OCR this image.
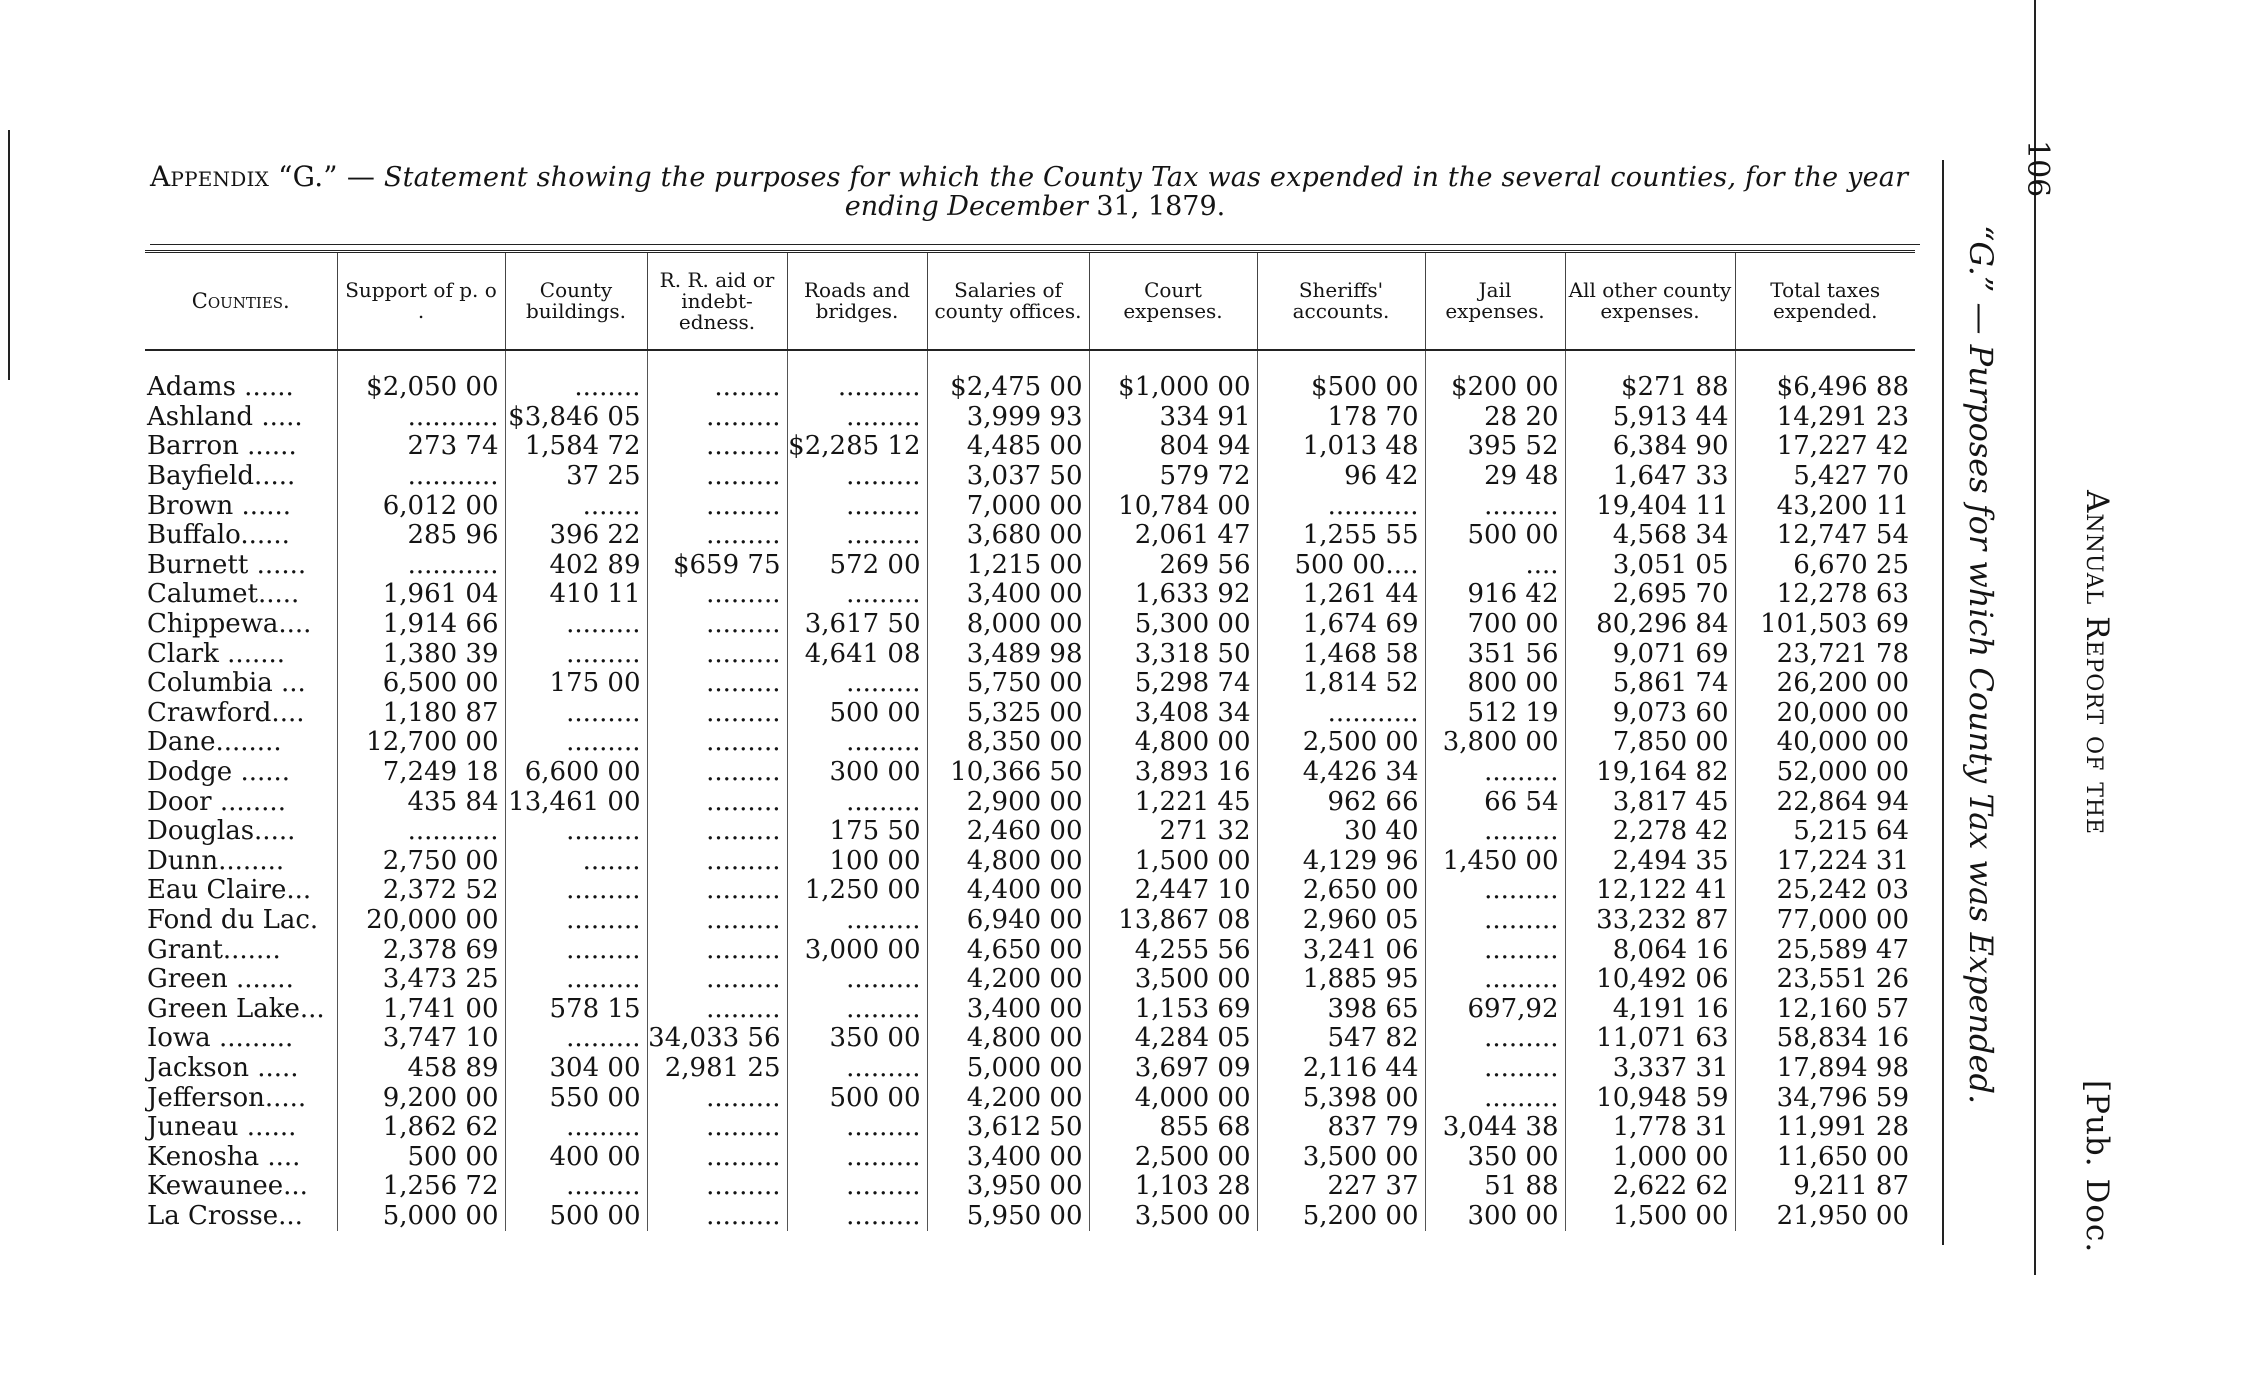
106
Annual Report of the
[Pub. Doc.
“G.” — Purposes for which County Tax was Expended.
Appendix “G.” — Statement showing the purposes for which the County Tax was expended in the several counties, for the year
ending December 31, 1879.
Counties.	Support of p. o .	County buildings.	R. R. aid or indebt-edness.	Roads and bridges.	Salaries of county offices.	Court expenses.	Sheriffs' accounts.	Jail expenses.	All other county expenses.	Total taxes expended.

Adams ......	$2,050 00	........	........	..........	$2,475 00	$1,000 00	$500 00	$200 00	$271 88	$6,496 88
Ashland .....	...........	$3,846 05	.........	.........	3,999 93	334 91	178 70	28 20	5,913 44	14,291 23
Barron ......	273 74	1,584 72	.........	$2,285 12	4,485 00	804 94	1,013 48	395 52	6,384 90	17,227 42
Bayfield.....	...........	37 25	.........	.........	3,037 50	579 72	96 42	29 48	1,647 33	5,427 70
Brown ......	6,012 00	.......	.........	.........	7,000 00	10,784 00	...........	.........	19,404 11	43,200 11
Buffalo......	285 96	396 22	.........	.........	3,680 00	2,061 47	1,255 55	500 00	4,568 34	12,747 54
Burnett ......	...........	402 89	$659 75	572 00	1,215 00	269 56	500 00....	....	3,051 05	6,670 25
Calumet.....	1,961 04	410 11	.........	.........	3,400 00	1,633 92	1,261 44	916 42	2,695 70	12,278 63
Chippewa....	1,914 66	.........	.........	3,617 50	8,000 00	5,300 00	1,674 69	700 00	80,296 84	101,503 69
Clark .......	1,380 39	.........	.........	4,641 08	3,489 98	3,318 50	1,468 58	351 56	9,071 69	23,721 78
Columbia ...	6,500 00	175 00	.........	.........	5,750 00	5,298 74	1,814 52	800 00	5,861 74	26,200 00
Crawford....	1,180 87	.........	.........	500 00	5,325 00	3,408 34	...........	512 19	9,073 60	20,000 00
Dane........	12,700 00	.........	.........	.........	8,350 00	4,800 00	2,500 00	3,800 00	7,850 00	40,000 00
Dodge ......	7,249 18	6,600 00	.........	300 00	10,366 50	3,893 16	4,426 34	.........	19,164 82	52,000 00
Door ........	435 84	13,461 00	.........	.........	2,900 00	1,221 45	962 66	66 54	3,817 45	22,864 94
Douglas.....	...........	.........	.........	175 50	2,460 00	271 32	30 40	.........	2,278 42	5,215 64
Dunn........	2,750 00	.......	.........	100 00	4,800 00	1,500 00	4,129 96	1,450 00	2,494 35	17,224 31
Eau Claire...	2,372 52	.........	.........	1,250 00	4,400 00	2,447 10	2,650 00	.........	12,122 41	25,242 03
Fond du Lac.	20,000 00	.........	.........	.........	6,940 00	13,867 08	2,960 05	.........	33,232 87	77,000 00
Grant.......	2,378 69	.........	.........	3,000 00	4,650 00	4,255 56	3,241 06	.........	8,064 16	25,589 47
Green .......	3,473 25	.........	.........	.........	4,200 00	3,500 00	1,885 95	.........	10,492 06	23,551 26
Green Lake...	1,741 00	578 15	.........	.........	3,400 00	1,153 69	398 65	697,92	4,191 16	12,160 57
Iowa .........	3,747 10	.........	34,033 56	350 00	4,800 00	4,284 05	547 82	.........	11,071 63	58,834 16
Jackson .....	458 89	304 00	2,981 25	.........	5,000 00	3,697 09	2,116 44	.........	3,337 31	17,894 98
Jefferson.....	9,200 00	550 00	.........	500 00	4,200 00	4,000 00	5,398 00	.........	10,948 59	34,796 59
Juneau ......	1,862 62	.........	.........	.........	3,612 50	855 68	837 79	3,044 38	1,778 31	11,991 28
Kenosha ....	500 00	400 00	.........	.........	3,400 00	2,500 00	3,500 00	350 00	1,000 00	11,650 00
Kewaunee...	1,256 72	.........	.........	.........	3,950 00	1,103 28	227 37	51 88	2,622 62	9,211 87
La Crosse...	5,000 00	500 00	.........	.........	5,950 00	3,500 00	5,200 00	300 00	1,500 00	21,950 00
